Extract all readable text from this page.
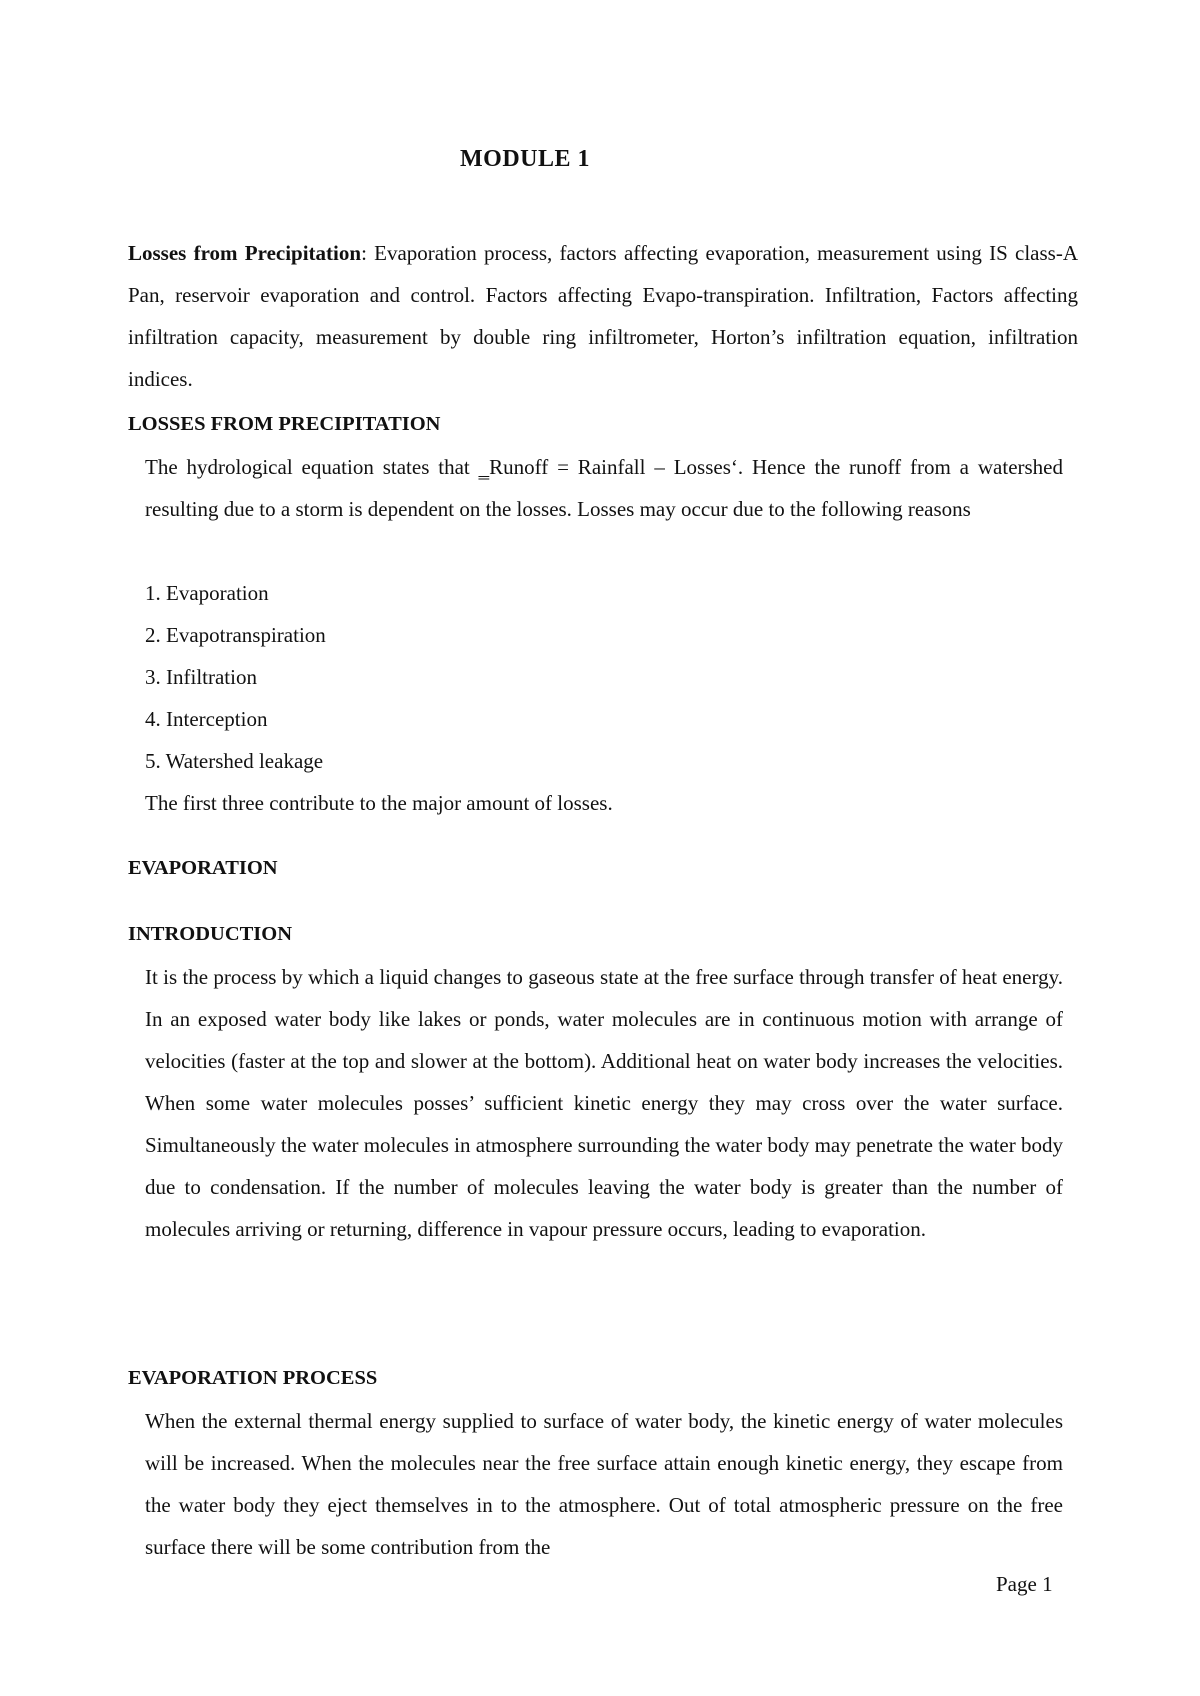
MODULE 1

Losses from Precipitation: Evaporation process, factors affecting evaporation, measurement using IS class-A Pan, reservoir evaporation and control. Factors affecting Evapo-transpiration. Infiltration, Factors affecting infiltration capacity, measurement by double ring infiltrometer, Horton’s infiltration equation, infiltration indices.

LOSSES FROM PRECIPITATION

The hydrological equation states that ‗Runoff = Rainfall – Losses‘. Hence the runoff from a watershed resulting due to a storm is dependent on the losses. Losses may occur due to the following reasons

1. Evaporation
2. Evapotranspiration
3. Infiltration
4. Interception
5. Watershed leakage

The first three contribute to the major amount of losses.

EVAPORATION
INTRODUCTION

It is the process by which a liquid changes to gaseous state at the free surface through transfer of heat energy. In an exposed water body like lakes or ponds, water molecules are in continuous motion with arrange of velocities (faster at the top and slower at the bottom). Additional heat on water body increases the velocities. When some water molecules posses’ sufficient kinetic energy they may cross over the water surface. Simultaneously the water molecules in atmosphere surrounding the water body may penetrate the water body due to condensation. If the number of molecules leaving the water body is greater than the number of molecules arriving or returning, difference in vapour pressure occurs, leading to evaporation.

EVAPORATION PROCESS

When the external thermal energy supplied to surface of water body, the kinetic energy of water molecules will be increased. When the molecules near the free surface attain enough kinetic energy, they escape from the water body they eject themselves in to the atmosphere. Out of total atmospheric pressure on the free surface there will be some contribution from the

Page 1
